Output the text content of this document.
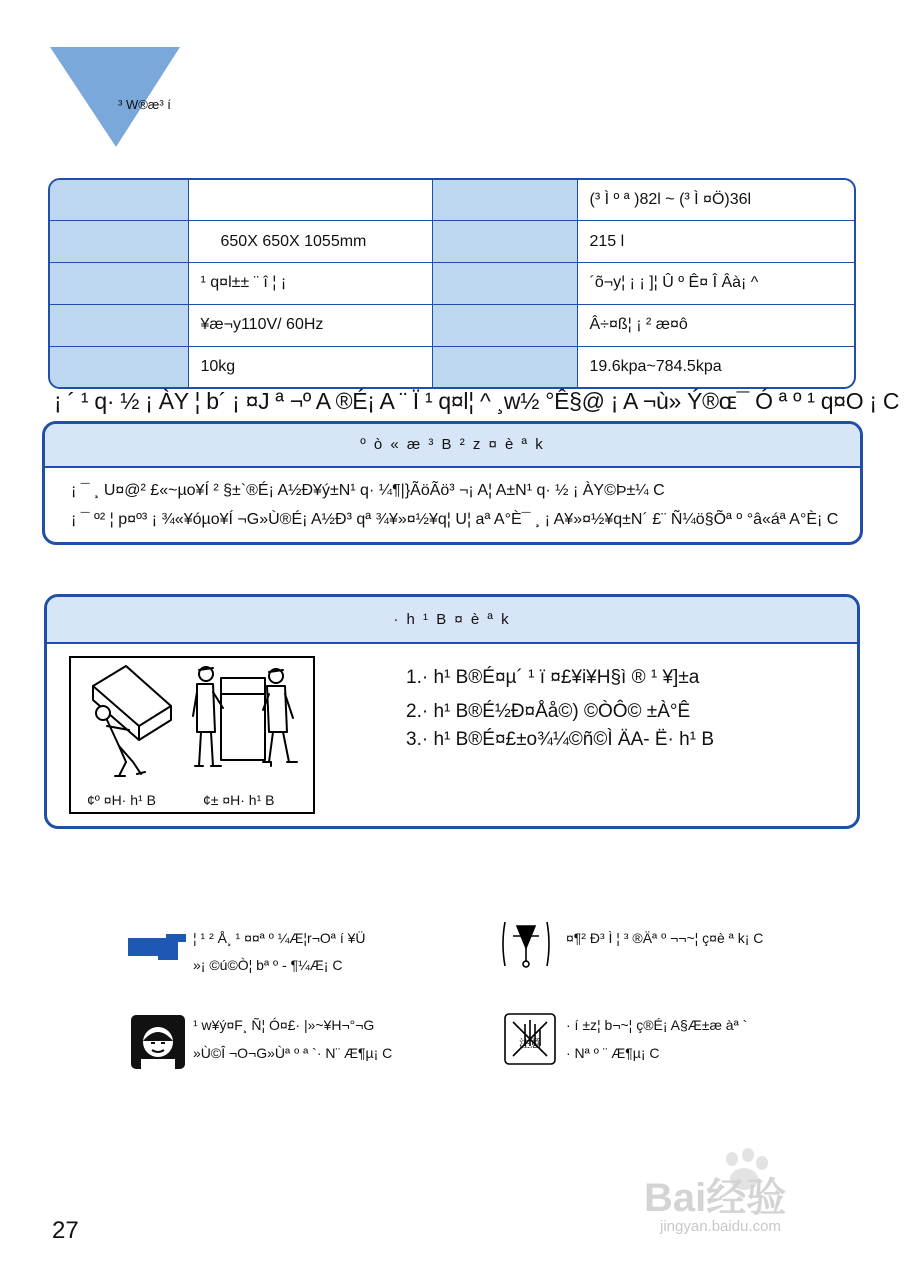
³ W®æ³ í
			(³ Ì º ª )82l ~ (³ Ì ¤Ö)36l
	650X 650X 1055mm		215 l
	¹ q¤l±± ¨ î ¦ ¡		´õ¬y¦ ¡ ¡ ]¦ Û º Ê¤ Î Âà¡ ^
	¥æ¬y110V/ 60Hz		Â÷¤ß¦ ¡ ² æ¤ô
	10kg		19.6kpa~784.5kpa
¡ ´ ¹ q· ½ ¡ ÀY ¦ b´ ¡ ¤J ª ¬º A ®É¡ A ¨ Ï ¹ q¤l¦ ^ ¸w½ °Ê§@ ¡ A ¬ù» Ý®ɶ¯ Ó ª º ¹ q¤O ¡ C
º ò « æ ³ B ² z ¤ è ª k
¡ ¯ ¸ U¤@² £«~µo¥Í ² §±`®É¡ A½Ð¥ý±N¹ q· ¼¶|}ÃöÃö³ ¬¡ A¦ A±N¹ q· ½ ¡ ÀY©Þ±¼ C
¡ ¯ º² ¦ p¤º³ ¡ ¾«¥óµo¥Í ¬G»Ù®É¡ A½Ð³ qª ¾¥»¤½¥q¦ U¦ aª A°È¯ ¸ ¡ A¥»¤½¥q±N´ £¨ Ñ¼ö§Õª º °â«áª A°È¡ C
· h ¹ B ¤ è ª k
¢º ¤H· h¹ B	¢± ¤H· h¹ B
1.· h¹ B®É¤µ´ ¹ ï ¤£¥i¥H§ì ® ¹ ¥]±a
2.· h¹ B®É½Ð¤Åå©) ©ÒÔ© ±À°Ê
3.· h¹ B®É¤£±o¾¼©ñ©Ì ÄA- Ë· h¹ B
¦ ¹ ² Å¸ ¹ ¤¤ª º ¼Æ¦r¬Oª í ¥Ü
»¡ ©ú©Ò¦ bª º - ¶¼Æ¡ C
¤¶² Ð³ Ì ¦ ³ ®Äª º ¬¬~¦ ç¤è ª k¡ C
¹ w¥ý¤F¸ Ñ¦ Ó¤£· |»~¥H¬°¬G
»Ù©Î ¬O¬G»Ùª º ª `· N¨ Æ¶µ¡ C
注意
· í ±z¦ b¬~¦ ç®É¡ A§Æ±æ àª `
· Nª º ¨ Æ¶µ¡ C
27
Bai经验
jingyan.baidu.com
